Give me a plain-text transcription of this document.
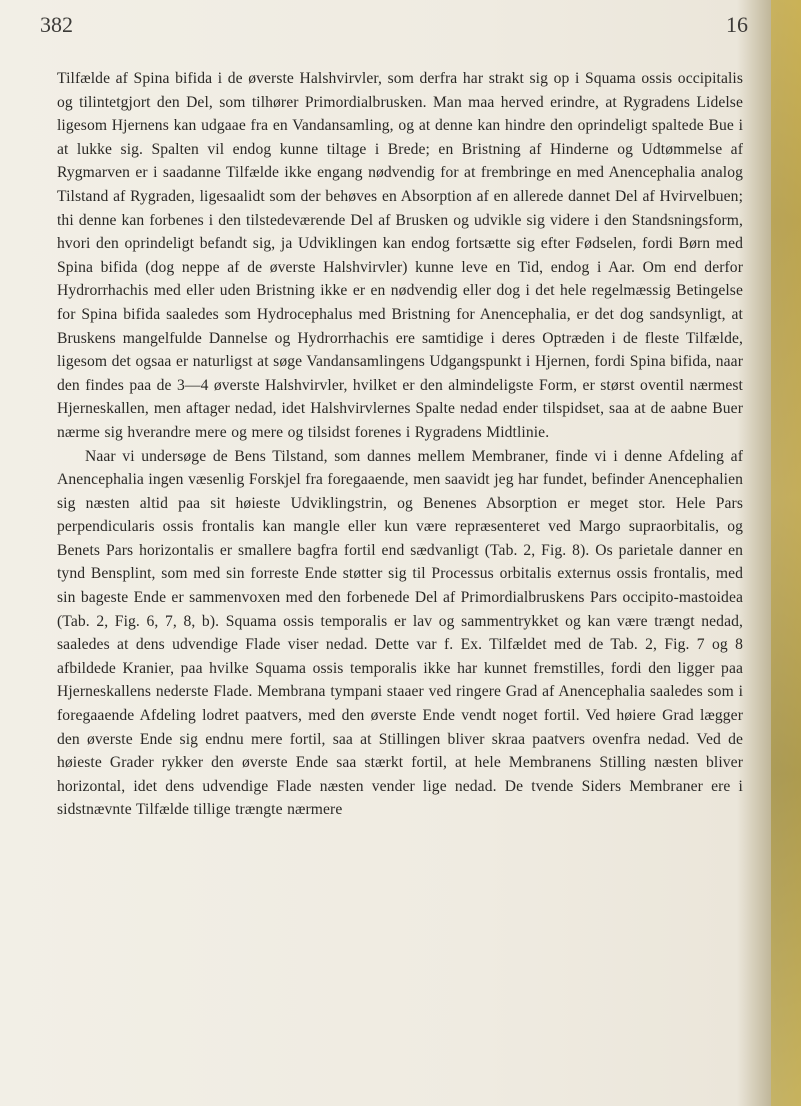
382	16

Tilfælde af Spina bifida i de øverste Halshvirvler, som derfra har strakt sig op i Squama ossis occipitalis og tilintetgjort den Del, som tilhører Primordialbrusken. Man maa herved erindre, at Rygradens Lidelse ligesom Hjernens kan udgaae fra en Vandansamling, og at denne kan hindre den oprindeligt spaltede Bue i at lukke sig. Spalten vil endog kunne tiltage i Brede; en Bristning af Hinderne og Udtømmelse af Rygmarven er i saadanne Tilfælde ikke engang nødvendig for at frembringe en med Anencephalia analog Tilstand af Rygraden, ligesaalidt som der behøves en Absorption af en allerede dannet Del af Hvirvelbuen; thi denne kan forbenes i den tilstedeværende Del af Brusken og udvikle sig videre i den Standsningsform, hvori den oprindeligt befandt sig, ja Udviklingen kan endog fortsætte sig efter Fødselen, fordi Børn med Spina bifida (dog neppe af de øverste Halshvirvler) kunne leve en Tid, endog i Aar. Om end derfor Hydrorrhachis med eller uden Bristning ikke er en nødvendig eller dog i det hele regelmæssig Betingelse for Spina bifida saaledes som Hydrocephalus med Bristning for Anencephalia, er det dog sandsynligt, at Bruskens mangelfulde Dannelse og Hydrorrhachis ere samtidige i deres Optræden i de fleste Tilfælde, ligesom det ogsaa er naturligst at søge Vandansamlingens Udgangspunkt i Hjernen, fordi Spina bifida, naar den findes paa de 3—4 øverste Halshvirvler, hvilket er den almindeligste Form, er størst oventil nærmest Hjerneskallen, men aftager nedad, idet Halshvirvlernes Spalte nedad ender tilspidset, saa at de aabne Buer nærme sig hverandre mere og mere og tilsidst forenes i Rygradens Midtlinie.

Naar vi undersøge de Bens Tilstand, som dannes mellem Membraner, finde vi i denne Afdeling af Anencephalia ingen væsenlig Forskjel fra foregaaende, men saavidt jeg har fundet, befinder Anencephalien sig næsten altid paa sit høieste Udviklingstrin, og Benenes Absorption er meget stor. Hele Pars perpendicularis ossis frontalis kan mangle eller kun være repræsenteret ved Margo supraorbitalis, og Benets Pars horizontalis er smallere bagfra fortil end sædvanligt (Tab. 2, Fig. 8). Os parietale danner en tynd Bensplint, som med sin forreste Ende støtter sig til Processus orbitalis externus ossis frontalis, med sin bageste Ende er sammenvoxen med den forbenede Del af Primordialbruskens Pars occipito-mastoidea (Tab. 2, Fig. 6, 7, 8, b). Squama ossis temporalis er lav og sammentrykket og kan være trængt nedad, saaledes at dens udvendige Flade viser nedad. Dette var f. Ex. Tilfældet med de Tab. 2, Fig. 7 og 8 afbildede Kranier, paa hvilke Squama ossis temporalis ikke har kunnet fremstilles, fordi den ligger paa Hjerneskallens nederste Flade. Membrana tympani staaer ved ringere Grad af Anencephalia saaledes som i foregaaende Afdeling lodret paatvers, med den øverste Ende vendt noget fortil. Ved høiere Grad lægger den øverste Ende sig endnu mere fortil, saa at Stillingen bliver skraa paatvers ovenfra nedad. Ved de høieste Grader rykker den øverste Ende saa stærkt fortil, at hele Membranens Stilling næsten bliver horizontal, idet dens udvendige Flade næsten vender lige nedad. De tvende Siders Membraner ere i sidstnævnte Tilfælde tillige trængte nærmere
